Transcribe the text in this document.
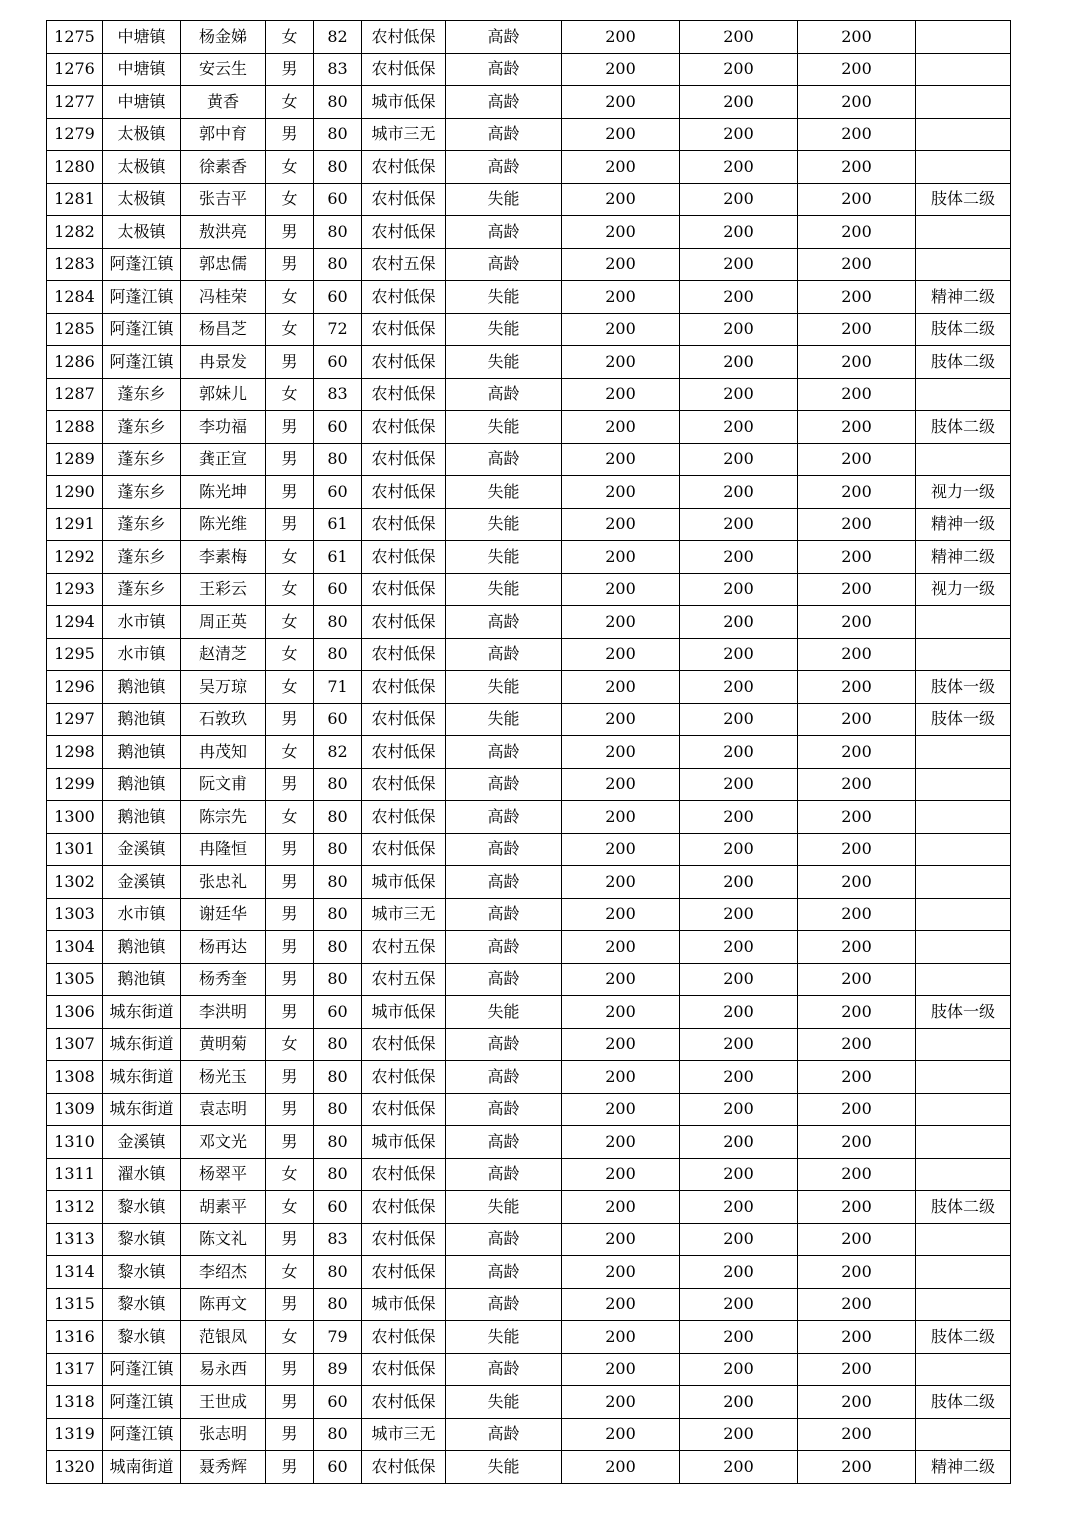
1275	中塘镇	杨金娣	女	82	农村低保	高龄	200	200	200	
1276	中塘镇	安云生	男	83	农村低保	高龄	200	200	200	
1277	中塘镇	黄香	女	80	城市低保	高龄	200	200	200	
1279	太极镇	郭中育	男	80	城市三无	高龄	200	200	200	
1280	太极镇	徐素香	女	80	农村低保	高龄	200	200	200	
1281	太极镇	张吉平	女	60	农村低保	失能	200	200	200	肢体二级
1282	太极镇	敖洪亮	男	80	农村低保	高龄	200	200	200	
1283	阿蓬江镇	郭忠儒	男	80	农村五保	高龄	200	200	200	
1284	阿蓬江镇	冯桂荣	女	60	农村低保	失能	200	200	200	精神二级
1285	阿蓬江镇	杨昌芝	女	72	农村低保	失能	200	200	200	肢体二级
1286	阿蓬江镇	冉景发	男	60	农村低保	失能	200	200	200	肢体二级
1287	蓬东乡	郭妹儿	女	83	农村低保	高龄	200	200	200	
1288	蓬东乡	李功福	男	60	农村低保	失能	200	200	200	肢体二级
1289	蓬东乡	龚正宣	男	80	农村低保	高龄	200	200	200	
1290	蓬东乡	陈光坤	男	60	农村低保	失能	200	200	200	视力一级
1291	蓬东乡	陈光维	男	61	农村低保	失能	200	200	200	精神一级
1292	蓬东乡	李素梅	女	61	农村低保	失能	200	200	200	精神二级
1293	蓬东乡	王彩云	女	60	农村低保	失能	200	200	200	视力一级
1294	水市镇	周正英	女	80	农村低保	高龄	200	200	200	
1295	水市镇	赵清芝	女	80	农村低保	高龄	200	200	200	
1296	鹅池镇	吴万琼	女	71	农村低保	失能	200	200	200	肢体一级
1297	鹅池镇	石敦玖	男	60	农村低保	失能	200	200	200	肢体一级
1298	鹅池镇	冉茂知	女	82	农村低保	高龄	200	200	200	
1299	鹅池镇	阮文甫	男	80	农村低保	高龄	200	200	200	
1300	鹅池镇	陈宗先	女	80	农村低保	高龄	200	200	200	
1301	金溪镇	冉隆恒	男	80	农村低保	高龄	200	200	200	
1302	金溪镇	张忠礼	男	80	城市低保	高龄	200	200	200	
1303	水市镇	谢廷华	男	80	城市三无	高龄	200	200	200	
1304	鹅池镇	杨再达	男	80	农村五保	高龄	200	200	200	
1305	鹅池镇	杨秀奎	男	80	农村五保	高龄	200	200	200	
1306	城东街道	李洪明	男	60	城市低保	失能	200	200	200	肢体一级
1307	城东街道	黄明菊	女	80	农村低保	高龄	200	200	200	
1308	城东街道	杨光玉	男	80	农村低保	高龄	200	200	200	
1309	城东街道	袁志明	男	80	农村低保	高龄	200	200	200	
1310	金溪镇	邓文光	男	80	城市低保	高龄	200	200	200	
1311	濯水镇	杨翠平	女	80	农村低保	高龄	200	200	200	
1312	黎水镇	胡素平	女	60	农村低保	失能	200	200	200	肢体二级
1313	黎水镇	陈文礼	男	83	农村低保	高龄	200	200	200	
1314	黎水镇	李绍杰	女	80	农村低保	高龄	200	200	200	
1315	黎水镇	陈再文	男	80	城市低保	高龄	200	200	200	
1316	黎水镇	范银凤	女	79	农村低保	失能	200	200	200	肢体二级
1317	阿蓬江镇	易永西	男	89	农村低保	高龄	200	200	200	
1318	阿蓬江镇	王世成	男	60	农村低保	失能	200	200	200	肢体二级
1319	阿蓬江镇	张志明	男	80	城市三无	高龄	200	200	200	
1320	城南街道	聂秀辉	男	60	农村低保	失能	200	200	200	精神二级
